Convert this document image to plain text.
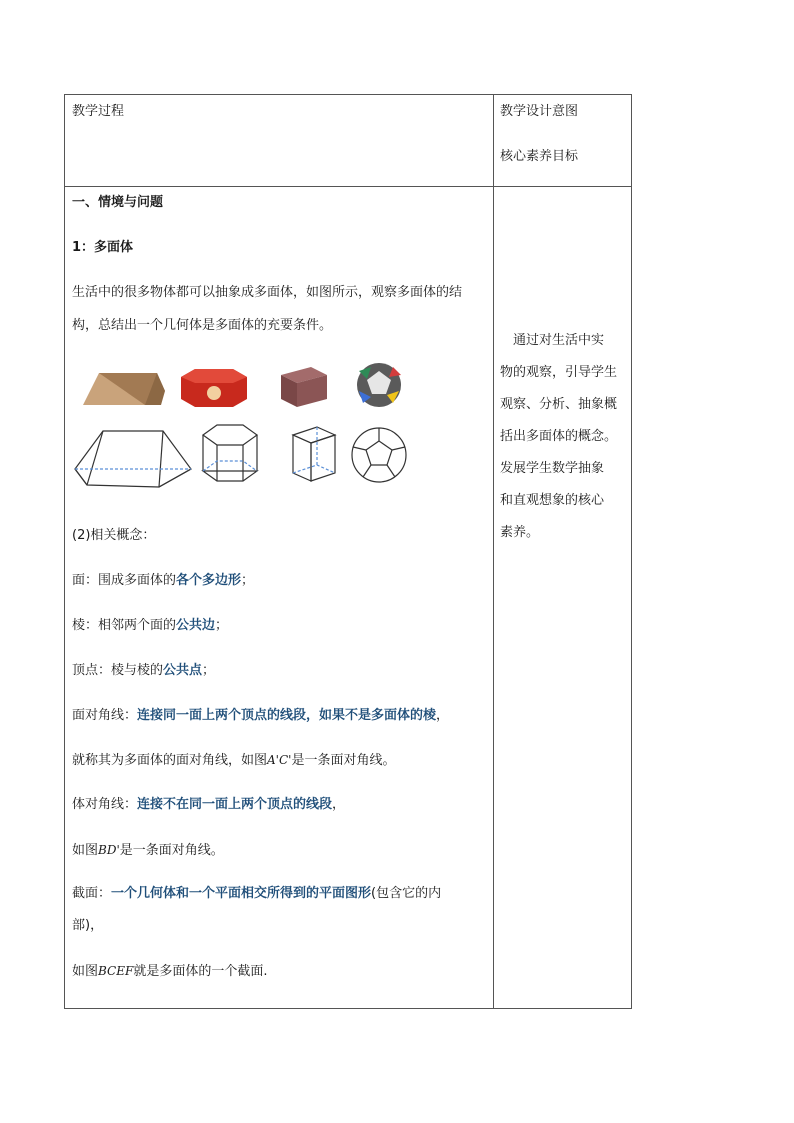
教学过程	教学设计意图
核心素养目标
一、情境与问题
1：多面体
生活中的很多物体都可以抽象成多面体，如图所示，观察多面体的结
构，总结出一个几何体是多面体的充要条件。
(2)相关概念：
面：围成多面体的各个多边形；
棱：相邻两个面的公共边；
顶点：棱与棱的公共点；
面对角线：连接同一面上两个顶点的线段，如果不是多面体的棱，
就称其为多面体的面对角线，如图A'C'是一条面对角线。
体对角线：连接不在同一面上两个顶点的线段，
如图BD'是一条面对角线。
截面：一个几何体和一个平面相交所得到的平面图形(包含它的内
部)，
如图BCEF就是多面体的一个截面.

　通过对生活中实

物的观察，引导学生

观察、分析、抽象概

括出多面体的概念。

发展学生数学抽象

和直观想象的核心

素养。
